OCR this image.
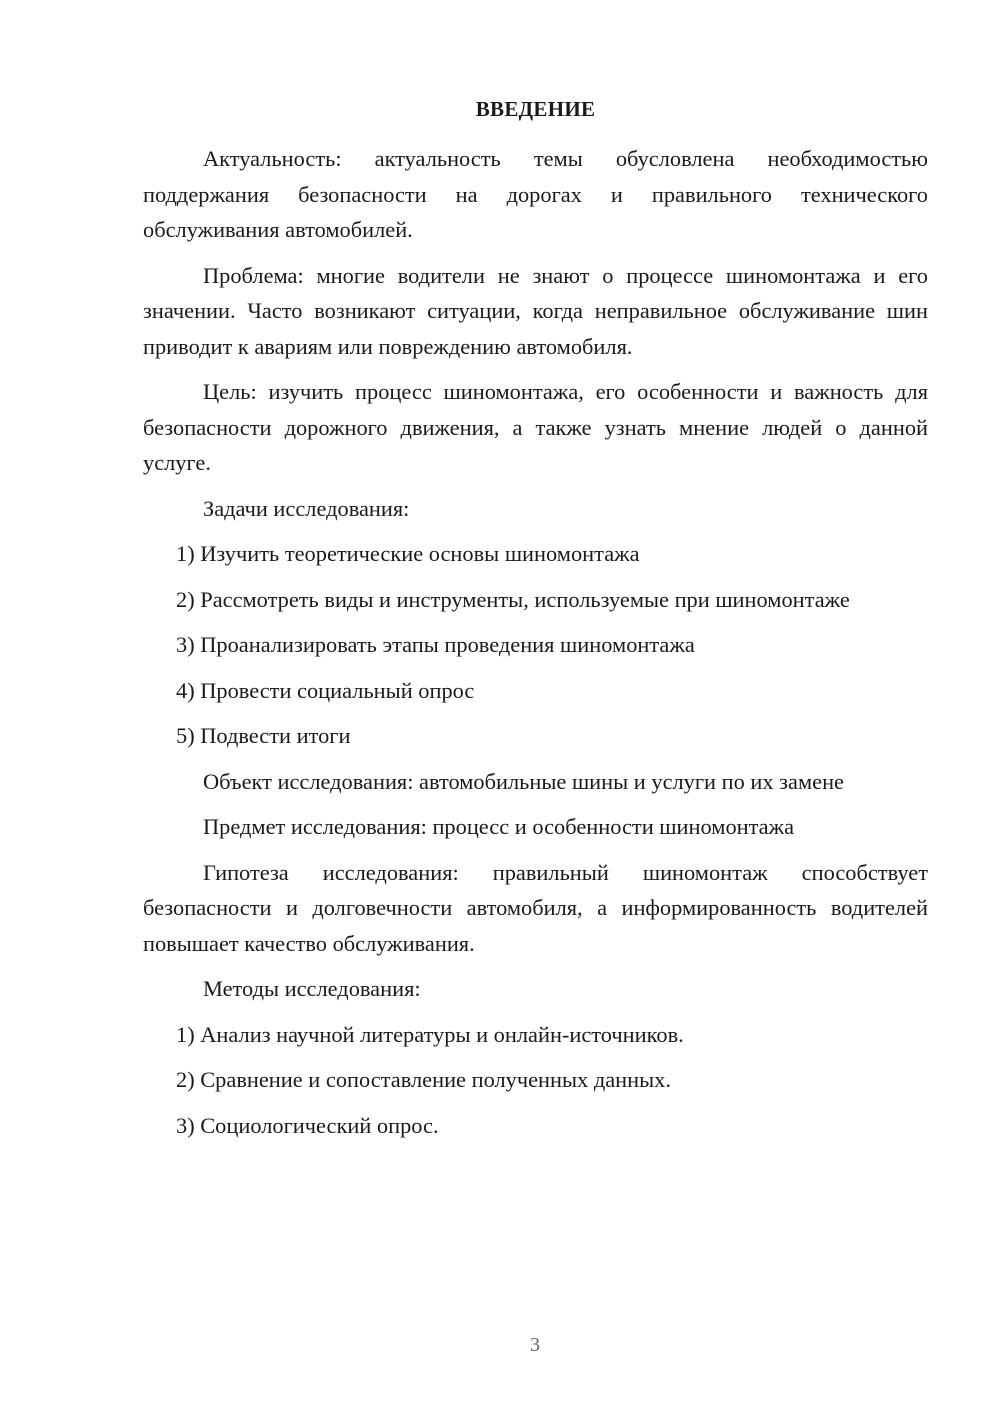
ВВЕДЕНИЕ
Актуальность: актуальность темы обусловлена необходимостью поддержания безопасности на дорогах и правильного технического обслуживания автомобилей.
Проблема: многие водители не знают о процессе шиномонтажа и его значении. Часто возникают ситуации, когда неправильное обслуживание шин приводит к авариям или повреждению автомобиля.
Цель: изучить процесс шиномонтажа, его особенности и важность для безопасности дорожного движения, а также узнать мнение людей о данной услуге.
Задачи исследования:
1) Изучить теоретические основы шиномонтажа
2) Рассмотреть виды и инструменты, используемые при шиномонтаже
3) Проанализировать этапы проведения шиномонтажа
4) Провести социальный опрос
5) Подвести итоги
Объект исследования: автомобильные шины и услуги по их замене
Предмет исследования: процесс и особенности шиномонтажа
Гипотеза исследования: правильный шиномонтаж способствует безопасности и долговечности автомобиля, а информированность водителей повышает качество обслуживания.
Методы исследования:
1) Анализ научной литературы и онлайн-источников.
2) Сравнение и сопоставление полученных данных.
3) Социологический опрос.
3
